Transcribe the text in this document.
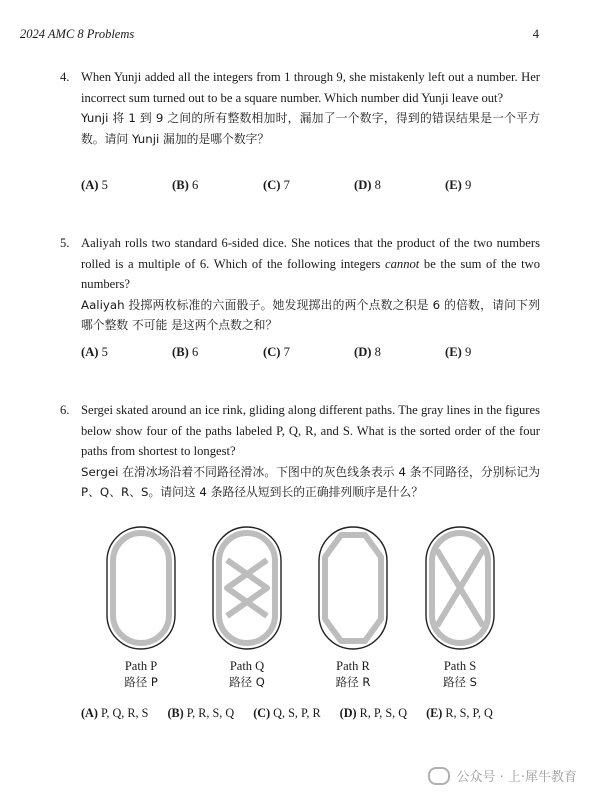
2024 AMC 8 Problems	4
4. When Yunji added all the integers from 1 through 9, she mistakenly left out a number. Her incorrect sum turned out to be a square number. Which number did Yunji leave out?
Yunji 将 1 到 9 之间的所有整数相加时，漏加了一个数字，得到的错误结果是一个平方数。请问 Yunji 漏加的是哪个数字？
(A) 5	(B) 6	(C) 7	(D) 8	(E) 9
5. Aaliyah rolls two standard 6-sided dice. She notices that the product of the two numbers rolled is a multiple of 6. Which of the following integers cannot be the sum of the two numbers?
Aaliyah 投掷两枚标准的六面骰子。她发现掷出的两个点数之积是 6 的倍数，请问下列哪个整数 不可能 是这两个点数之和？
(A) 5	(B) 6	(C) 7	(D) 8	(E) 9
6. Sergei skated around an ice rink, gliding along different paths. The gray lines in the figures below show four of the paths labeled P, Q, R, and S. What is the sorted order of the four paths from shortest to longest?
Sergei 在滑冰场沿着不同路径滑冰。下图中的灰色线条表示 4 条不同路径，分别标记为 P、Q、R、S。请问这 4 条路径从短到长的正确排列顺序是什么？
Path P
路径 P
Path Q
路径 Q
Path R
路径 R
Path S
路径 S
(A) P, Q, R, S (B) P, R, S, Q (C) Q, S, P, R (D) R, P, S, Q (E) R, S, P, Q
公众号 · 上·犀牛教育
